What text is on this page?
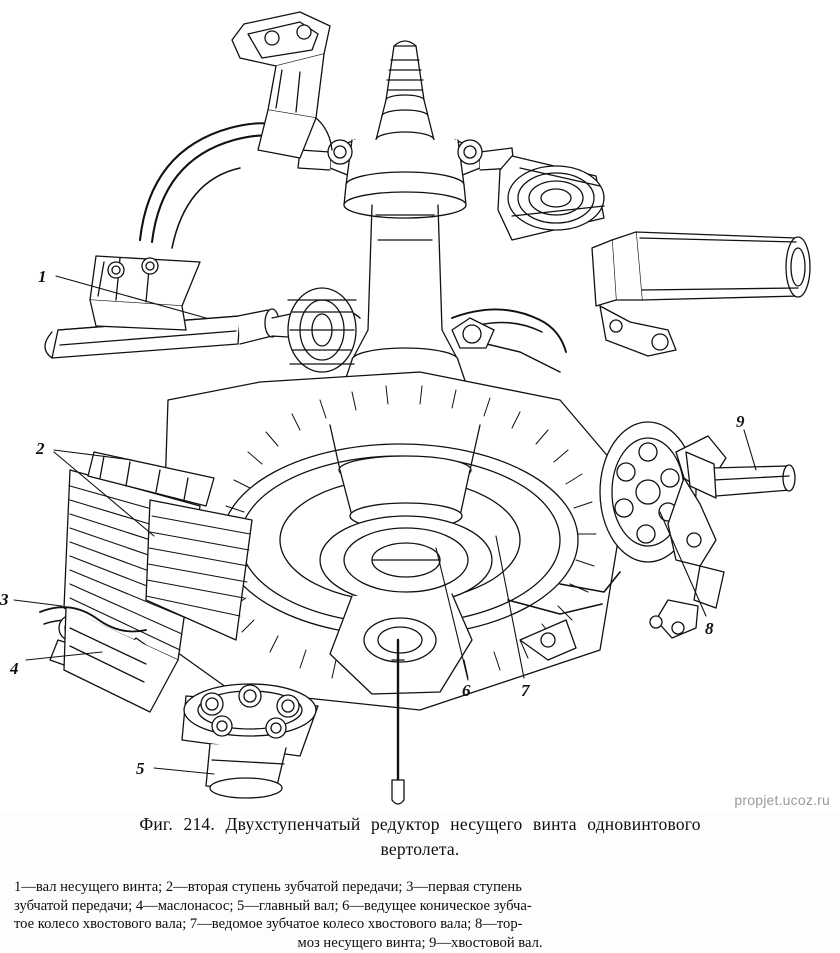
1
2
3
4
5
6	7
8
9
propjet.ucoz.ru
Фиг. 214. Двухступенчатый редуктор несущего винта одновинтового
вертолета.
1—вал несущего винта; 2—вторая ступень зубчатой передачи; 3—первая ступень
зубчатой передачи; 4—маслонасос; 5—главный вал; 6—ведущее коническое зубча-
тое колесо хвостового вала; 7—ведомое зубчатое колесо хвостового вала; 8—тор-
моз несущего винта; 9—хвостовой вал.
